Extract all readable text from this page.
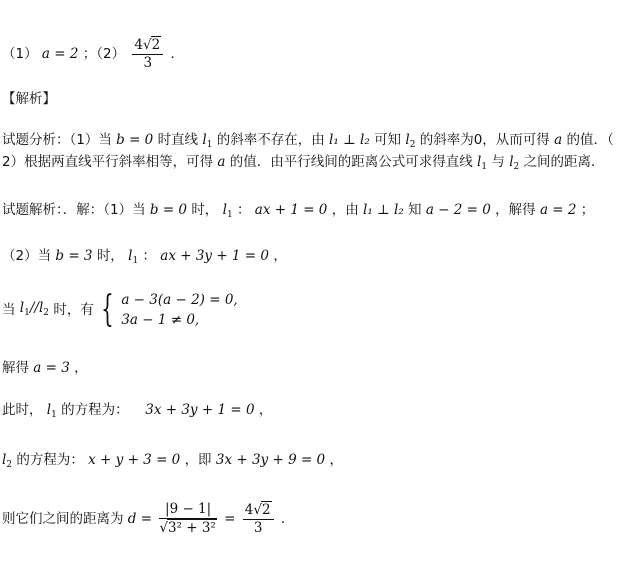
（1） a = 2 ；$(2) \frac{4√2}{3}$ ．
【解析】
试题分析：（1）当 b = 0 时直线 $l_1$ 的斜率不存在，由 l₁ ⊥ l₂ 可知 $l_2$ 的斜率为0，从而可得 a 的值．（
2）根据两直线平行斜率相等，可得 a 的值．由平行线间的距离公式可求得直线 $l_1$ 与 $l_2$ 之间的距离．
试题解析：．解：（1）当 b = 0 时， $l_1$ ： ax + 1 = 0 ，由 l₁ ⊥ l₂ 知 a − 2 = 0 ，解得 a = 2 ；
（2）当 b = 3 时， $l_1$ ： ax + 3y + 1 = 0 ，
当 $l_1//l_2$ 时，有 { a − 3(a − 2) = 0,
3a − 1 ≠ 0,
解得 a = 3 ，
此时， $l_1$ 的方程为： 3x + 3y + 1 = 0 ，
$l_2$ 的方程为： x + y + 3 = 0 ，即 3x + 3y + 9 = 0 ，
则它们之间的距离为 $d = \frac{|9 - 1|}{\text{√3² + 3²}} = \frac{4√2}{3}$ ．
